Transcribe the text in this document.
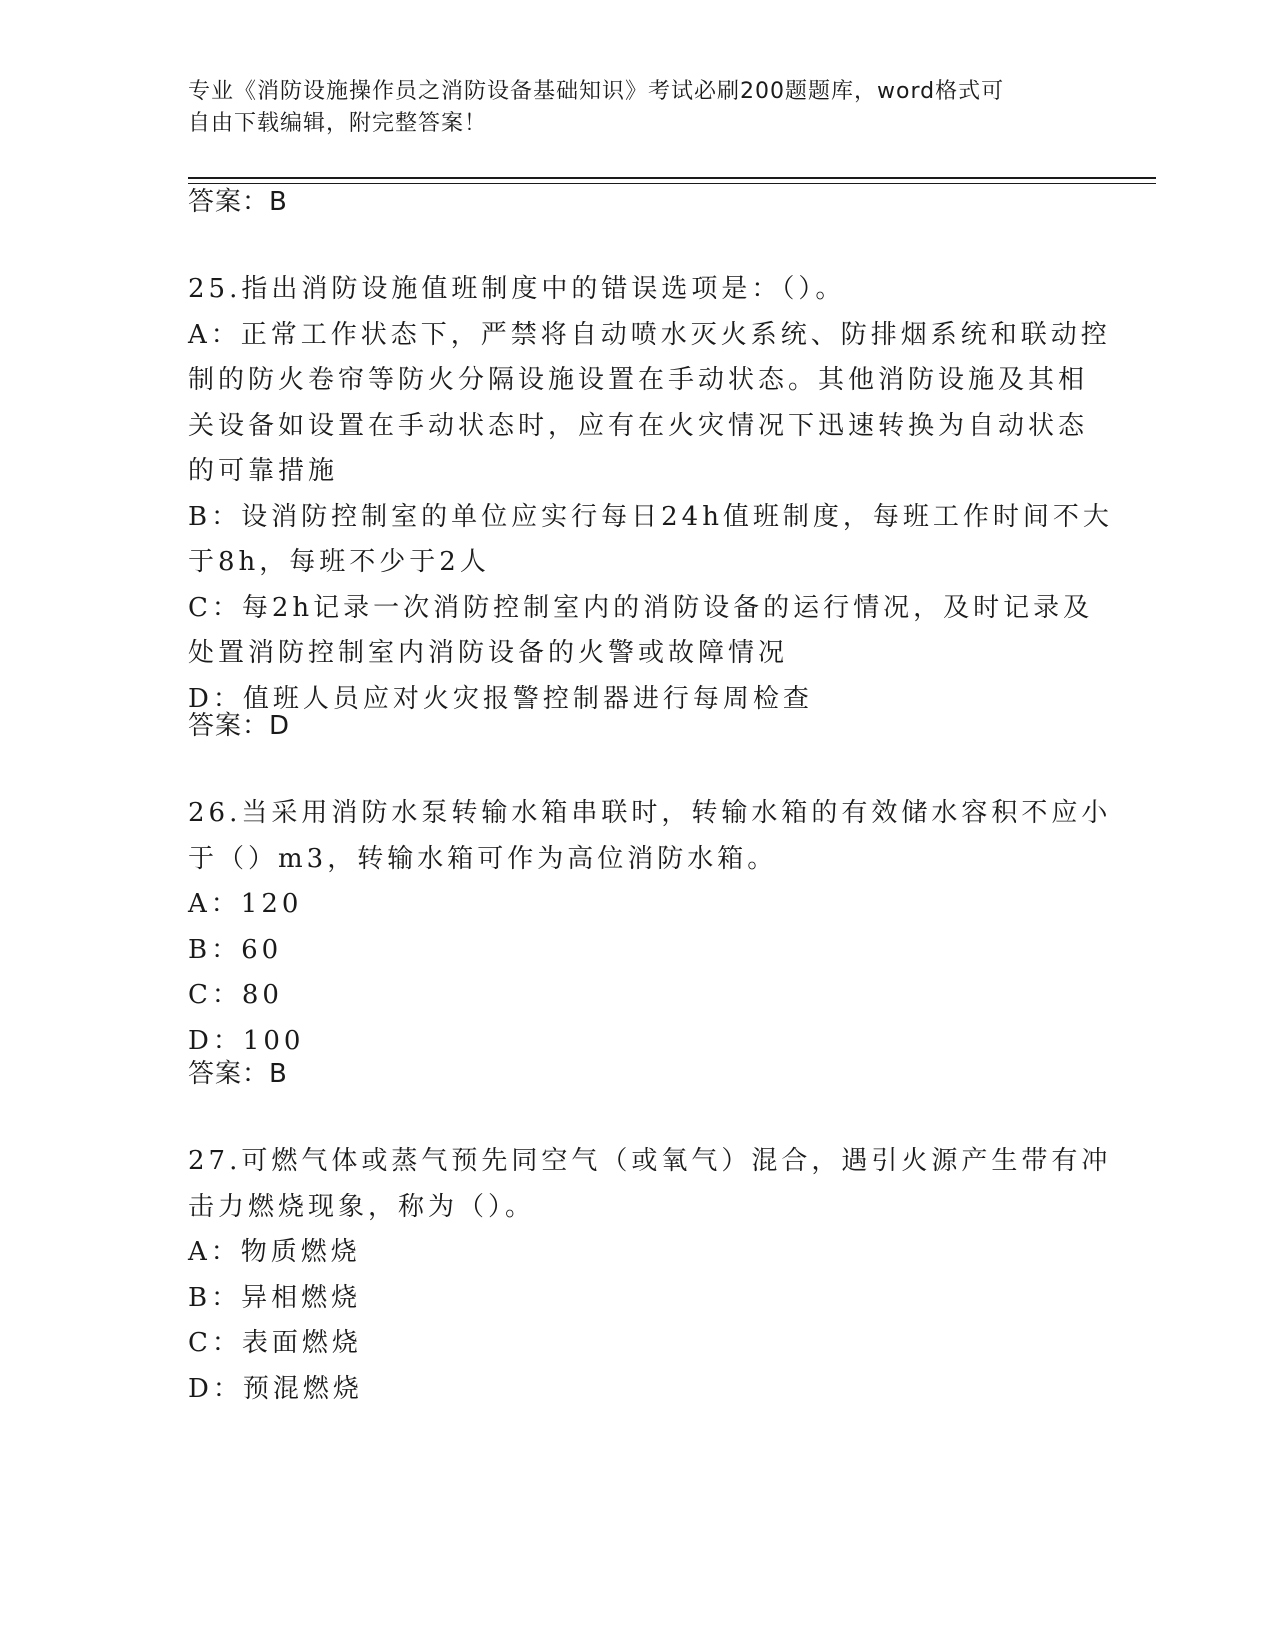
专业《消防设施操作员之消防设备基础知识》考试必刷200题题库，word格式可
自由下载编辑，附完整答案！
答案：B
25.指出消防设施值班制度中的错误选项是：（）。
A：正常工作状态下，严禁将自动喷水灭火系统、防排烟系统和联动控
制的防火卷帘等防火分隔设施设置在手动状态。其他消防设施及其相
关设备如设置在手动状态时，应有在火灾情况下迅速转换为自动状态
的可靠措施
B：设消防控制室的单位应实行每日24h值班制度，每班工作时间不大
于8h，每班不少于2人
C：每2h记录一次消防控制室内的消防设备的运行情况，及时记录及
处置消防控制室内消防设备的火警或故障情况
D：值班人员应对火灾报警控制器进行每周检查
答案：D
26.当采用消防水泵转输水箱串联时，转输水箱的有效储水容积不应小
于（）m3，转输水箱可作为高位消防水箱。
A：120
B：60
C：80
D：100
答案：B
27.可燃气体或蒸气预先同空气（或氧气）混合，遇引火源产生带有冲
击力燃烧现象，称为（）。
A：物质燃烧
B：异相燃烧
C：表面燃烧
D：预混燃烧
